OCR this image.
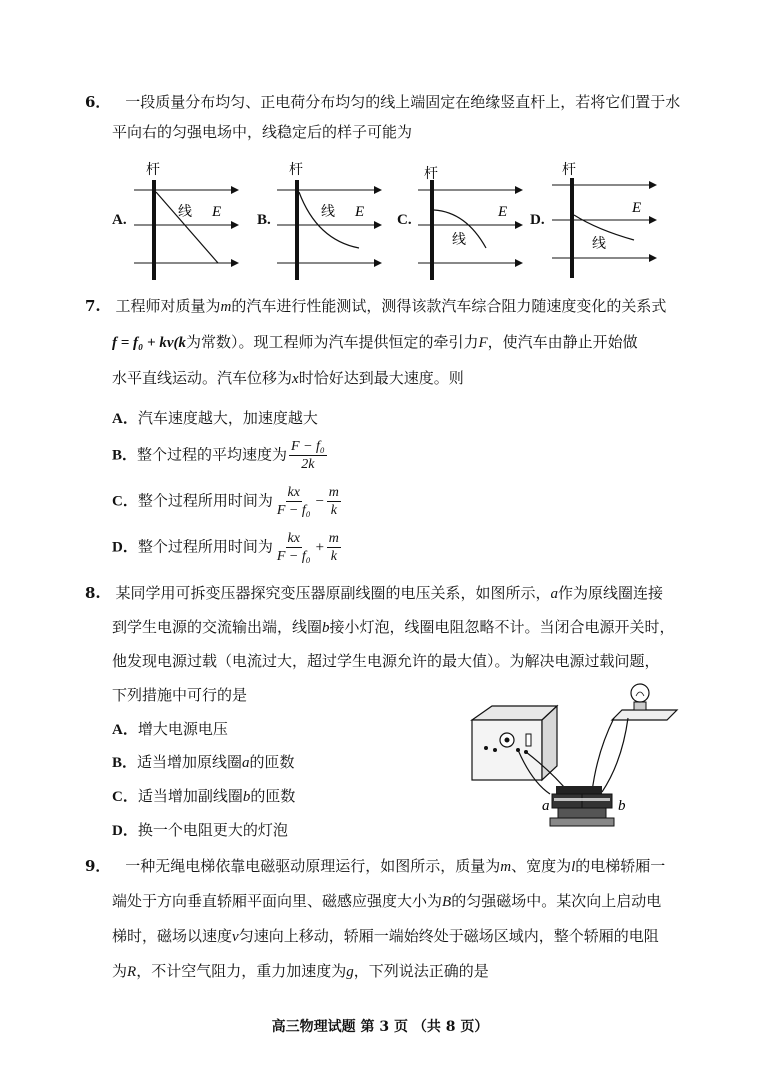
6． 一段质量分布均匀、正电荷分布均匀的线上端固定在绝缘竖直杆上，若将它们置于水
平向右的匀强电场中，线稳定后的样子可能为
A.
杆
线 E B.
杆
线 E C.
杆
线
E D.
杆
线
E
7. 工程师对质量为m的汽车进行性能测试，测得该款汽车综合阻力随速度变化的关系式
f = f₀ + kv(k为常数）。现工程师为汽车提供恒定的牵引力F，使汽车由静止开始做
水平直线运动。汽车位移为x时恰好达到最大速度。则
A．汽车速度越大，加速度越大
B．整个过程的平均速度为 $\frac{\text{F − f₀}}{2k}$
C．整个过程所用时间为 $\frac{kx}{\text{F − f₀}} - \frac{m}{k}$
D．整个过程所用时间为 $\frac{kx}{\text{F − f₀}} + \frac{m}{k}$
8. 某同学用可拆变压器探究变压器原副线圈的电压关系，如图所示，a作为原线圈连接
到学生电源的交流输出端，线圈b接小灯泡，线圈电阻忽略不计。当闭合电源开关时，
他发现电源过载（电流过大，超过学生电源允许的最大值）。为解决电源过载问题，
下列措施中可行的是
A．增大电源电压
B．适当增加原线圈a的匝数
C．适当增加副线圈b的匝数
D．换一个电阻更大的灯泡
a	b
9． 一种无绳电梯依靠电磁驱动原理运行，如图所示，质量为m、宽度为l的电梯轿厢一
端处于方向垂直轿厢平面向里、磁感应强度大小为B的匀强磁场中。某次向上启动电
梯时，磁场以速度v匀速向上移动，轿厢一端始终处于磁场区域内，整个轿厢的电阻
为R，不计空气阻力，重力加速度为g，下列说法正确的是
高三物理试题 第 3 页 （共 8 页）
